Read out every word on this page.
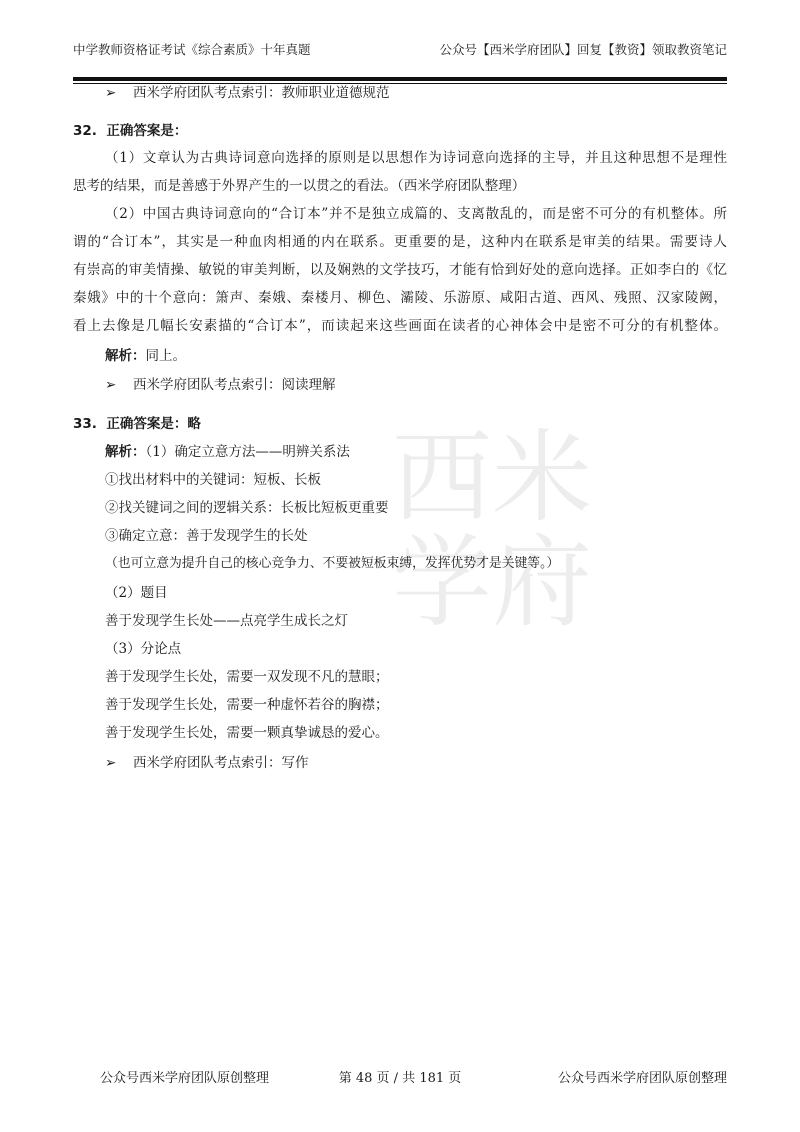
中学教师资格证考试《综合素质》十年真题	公众号【西米学府团队】回复【教资】领取教资笔记
西 米
学 府
➢ 西米学府团队考点索引：教师职业道德规范
32. 正确答案是：
（1）文章认为古典诗词意向选择的原则是以思想作为诗词意向选择的主导，并且这种思想不是理性
思考的结果，而是善感于外界产生的一以贯之的看法。（西米学府团队整理）
（2）中国古典诗词意向的“合订本”并不是独立成篇的、支离散乱的，而是密不可分的有机整体。所
谓的“合订本”，其实是一种血肉相通的内在联系。更重要的是，这种内在联系是审美的结果。需要诗人
有崇高的审美情操、敏锐的审美判断，以及娴熟的文学技巧，才能有恰到好处的意向选择。正如李白的《忆
秦娥》中的十个意向：箫声、秦娥、秦楼月、柳色、灞陵、乐游原、咸阳古道、西风、残照、汉家陵阙，
看上去像是几幅长安素描的“合订本”，而读起来这些画面在读者的心神体会中是密不可分的有机整体。
解析：同上。
➢ 西米学府团队考点索引：阅读理解
33. 正确答案是：略
解析：（1）确定立意方法——明辨关系法
①找出材料中的关键词：短板、长板
②找关键词之间的逻辑关系：长板比短板更重要
③确定立意：善于发现学生的长处
（也可立意为提升自己的核心竞争力、不要被短板束缚，发挥优势才是关键等。）
（2）题目
善于发现学生长处——点亮学生成长之灯
（3）分论点
善于发现学生长处，需要一双发现不凡的慧眼；
善于发现学生长处，需要一种虚怀若谷的胸襟；
善于发现学生长处，需要一颗真挚诚恳的爱心。
➢ 西米学府团队考点索引：写作
公众号西米学府团队原创整理	第 48 页 / 共 181 页	公众号西米学府团队原创整理
